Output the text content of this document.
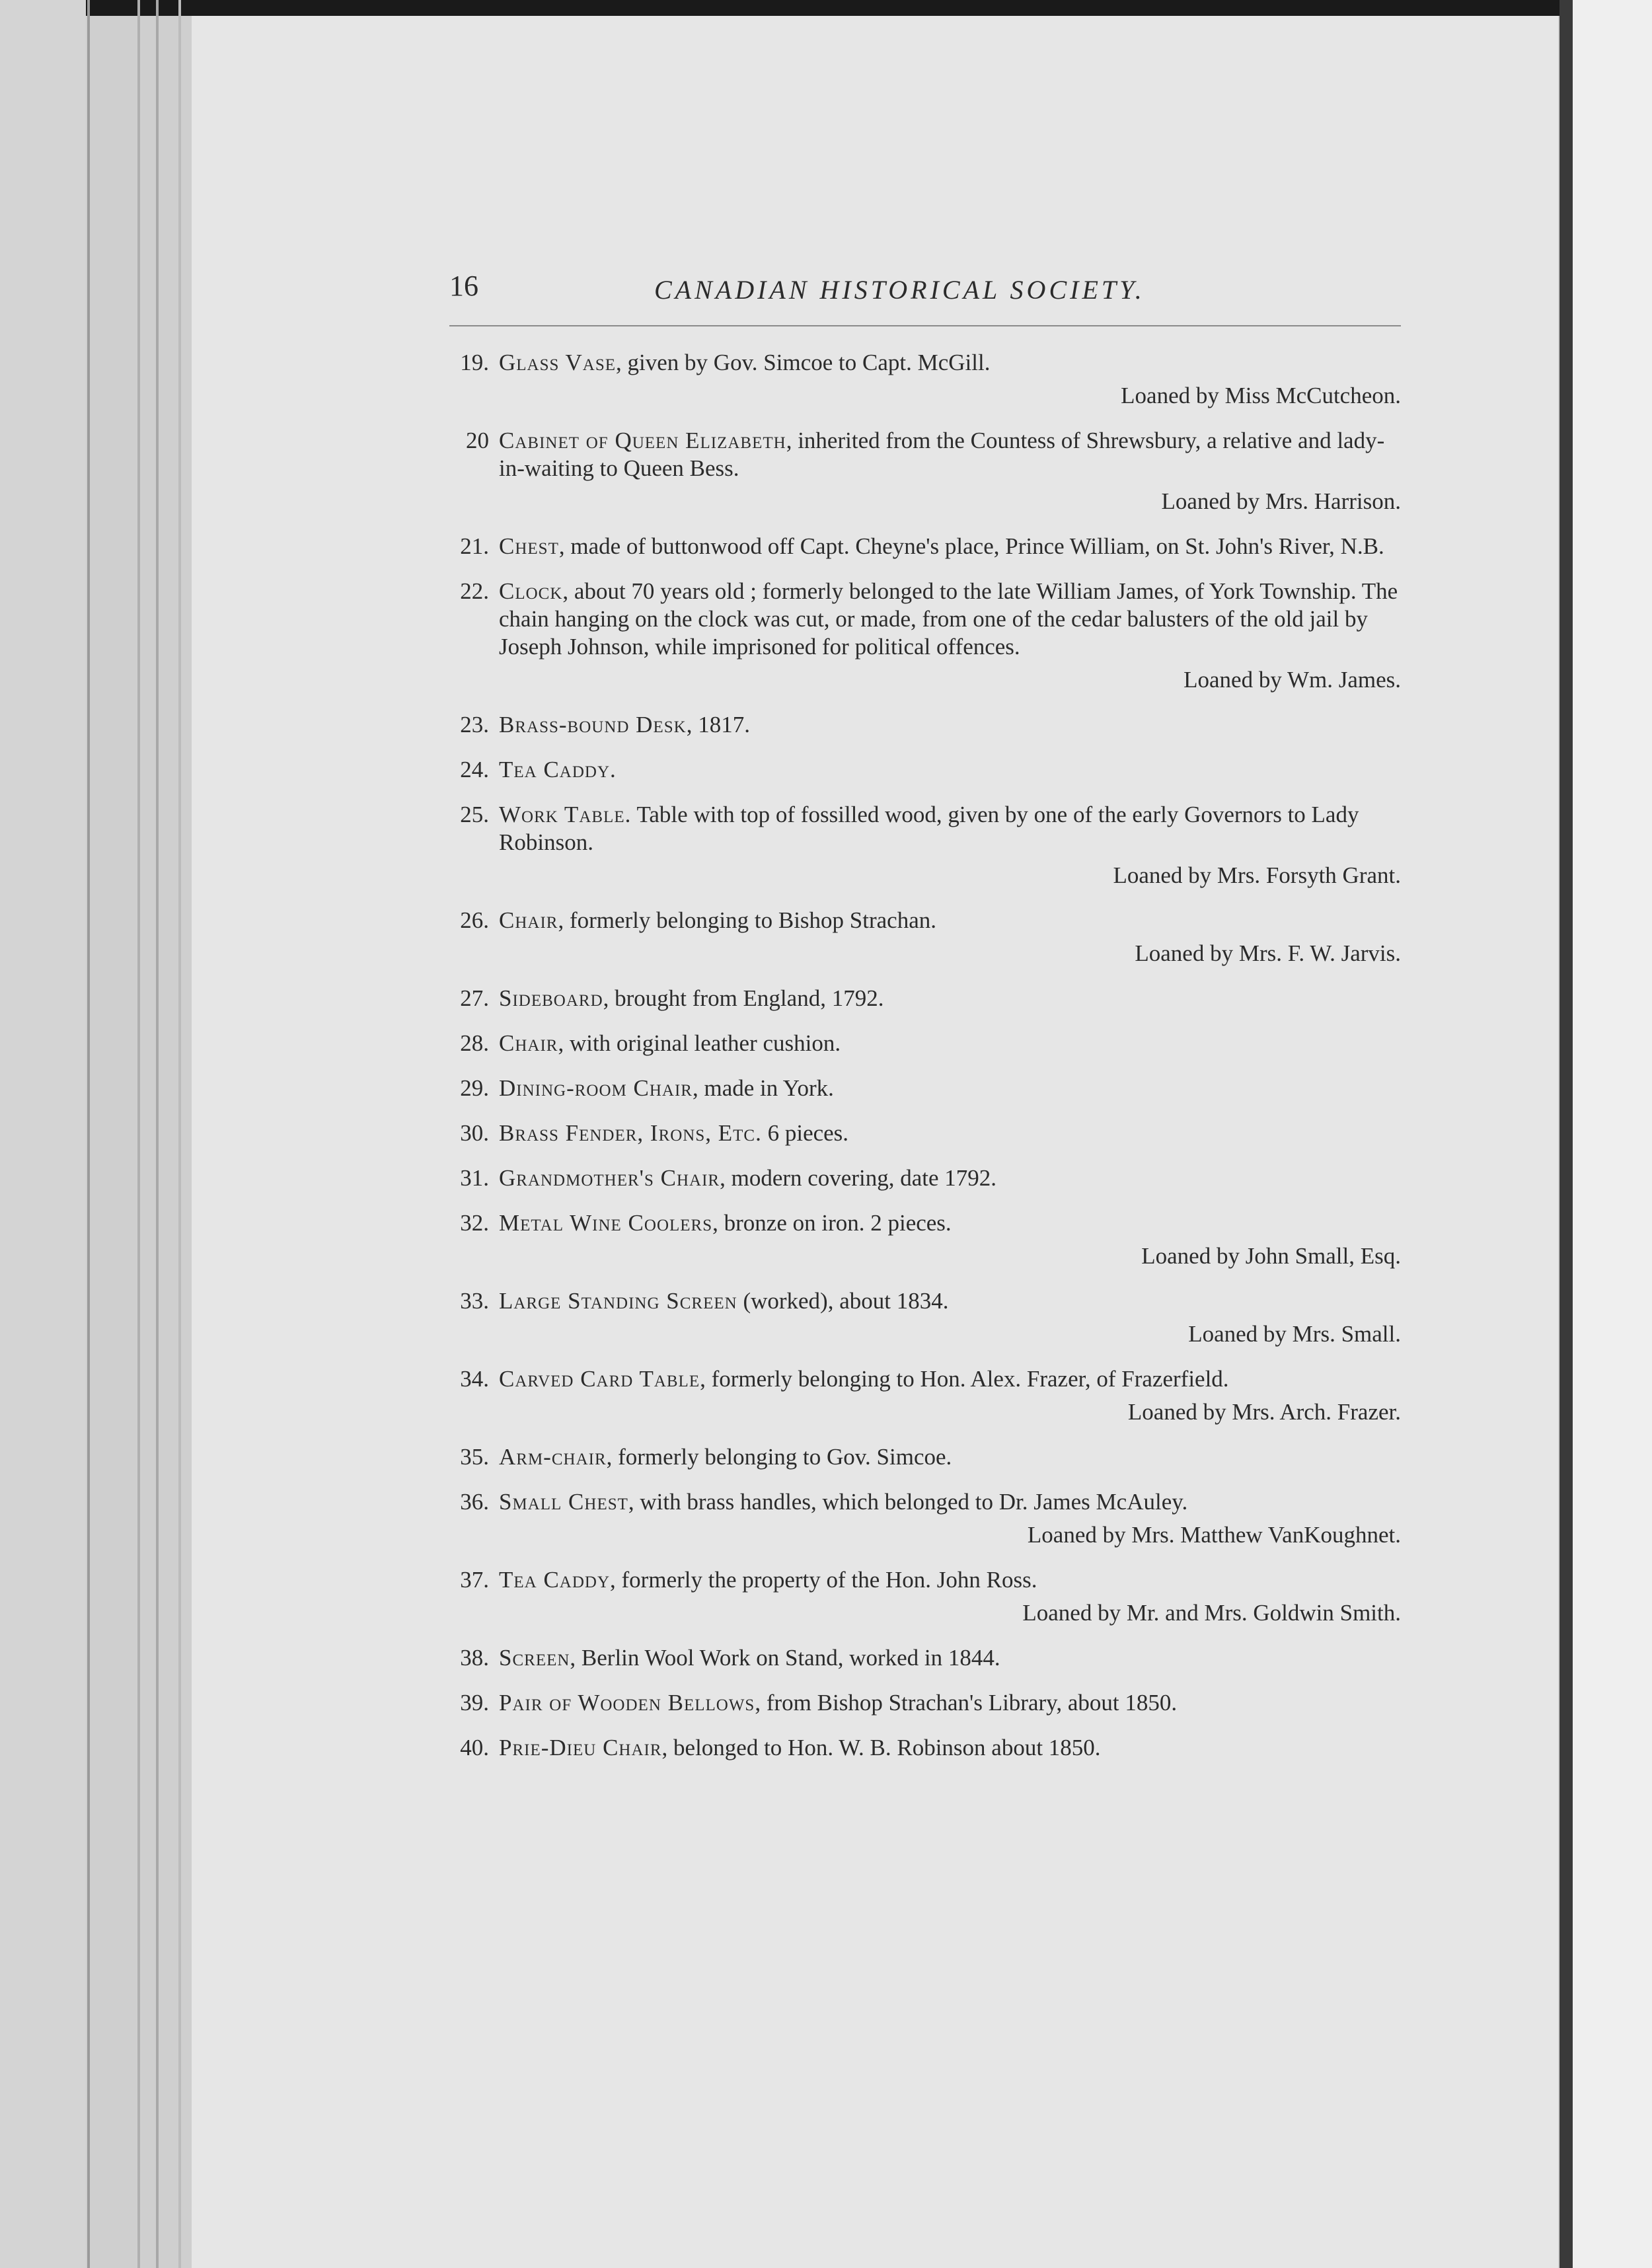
16	CANADIAN HISTORICAL SOCIETY.
19. Glass Vase, given by Gov. Simcoe to Capt. McGill.
Loaned by Miss McCutcheon.
20 Cabinet of Queen Elizabeth, inherited from the Countess of Shrewsbury, a relative and lady-in-waiting to Queen Bess.
Loaned by Mrs. Harrison.
21. Chest, made of buttonwood off Capt. Cheyne's place, Prince William, on St. John's River, N.B.
22. Clock, about 70 years old ; formerly belonged to the late William James, of York Township. The chain hanging on the clock was cut, or made, from one of the cedar balusters of the old jail by Joseph Johnson, while imprisoned for political offences.
Loaned by Wm. James.
23. Brass-bound Desk, 1817.
24. Tea Caddy.
25. Work Table. Table with top of fossilled wood, given by one of the early Governors to Lady Robinson.
Loaned by Mrs. Forsyth Grant.
26. Chair, formerly belonging to Bishop Strachan.
Loaned by Mrs. F. W. Jarvis.
27. Sideboard, brought from England, 1792.
28. Chair, with original leather cushion.
29. Dining-room Chair, made in York.
30. Brass Fender, Irons, Etc. 6 pieces.
31. Grandmother's Chair, modern covering, date 1792.
32. Metal Wine Coolers, bronze on iron. 2 pieces.
Loaned by John Small, Esq.
33. Large Standing Screen (worked), about 1834.
Loaned by Mrs. Small.
34. Carved Card Table, formerly belonging to Hon. Alex. Frazer, of Frazerfield.
Loaned by Mrs. Arch. Frazer.
35. Arm-chair, formerly belonging to Gov. Simcoe.
36. Small Chest, with brass handles, which belonged to Dr. James McAuley.
Loaned by Mrs. Matthew VanKoughnet.
37. Tea Caddy, formerly the property of the Hon. John Ross.
Loaned by Mr. and Mrs. Goldwin Smith.
38. Screen, Berlin Wool Work on Stand, worked in 1844.
39. Pair of Wooden Bellows, from Bishop Strachan's Library, about 1850.
40. Prie-Dieu Chair, belonged to Hon. W. B. Robinson about 1850.
